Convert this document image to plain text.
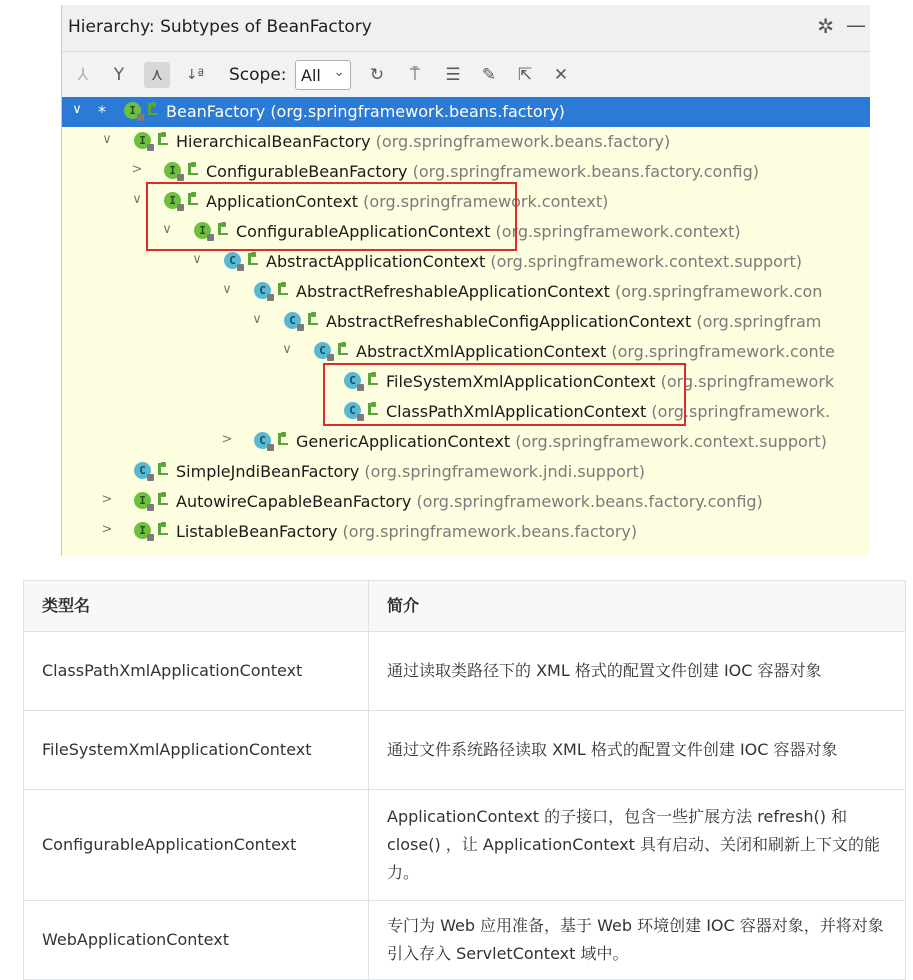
Hierarchy: Subtypes of BeanFactory	✲ —
⅄	Y	⋏	↓ª Scope: All ⌄	↻	⍑	☰	✎	⇱	✕
∨ *	I	BeanFactory (org.springframework.beans.factory)
∨	I	HierarchicalBeanFactory (org.springframework.beans.factory)
>	I	ConfigurableBeanFactory (org.springframework.beans.factory.config)
∨	I	ApplicationContext (org.springframework.context)
∨	I	ConfigurableApplicationContext (org.springframework.context)
∨	C	AbstractApplicationContext (org.springframework.context.support)
∨	C	AbstractRefreshableApplicationContext (org.springframework.con
∨	C	AbstractRefreshableConfigApplicationContext (org.springfram
∨	C	AbstractXmlApplicationContext (org.springframework.conte
C	FileSystemXmlApplicationContext (org.springframework
C	ClassPathXmlApplicationContext (org.springframework.
>	C	GenericApplicationContext (org.springframework.context.support)
C	SimpleJndiBeanFactory (org.springframework.jndi.support)
>	I	AutowireCapableBeanFactory (org.springframework.beans.factory.config)
>	I	ListableBeanFactory (org.springframework.beans.factory)
类型名	简介
ClassPathXmlApplicationContext	通过读取类路径下的 XML 格式的配置文件创建 IOC 容器对象
FileSystemXmlApplicationContext	通过文件系统路径读取 XML 格式的配置文件创建 IOC 容器对象
ConfigurableApplicationContext	ApplicationContext 的子接口，包含一些扩展方法 refresh() 和 close() ，让 ApplicationContext 具有启动、关闭和刷新上下文的能力。
WebApplicationContext	专门为 Web 应用准备，基于 Web 环境创建 IOC 容器对象，并将对象引入存入 ServletContext 域中。
